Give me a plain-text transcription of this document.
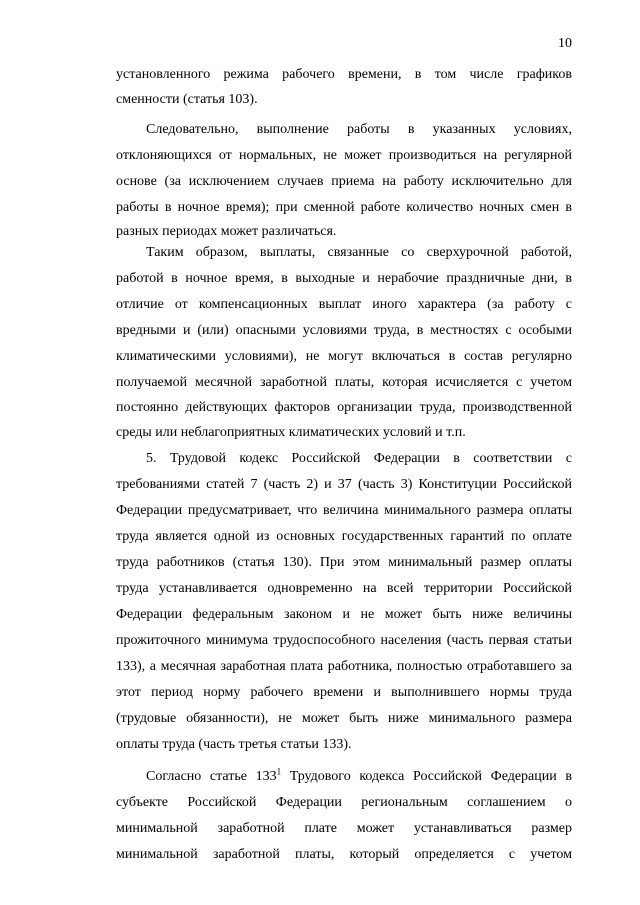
10
установленного режима рабочего времени, в том числе графиков
сменности (статья 103).
Следовательно, выполнение работы в указанных условиях,
отклоняющихся от нормальных, не может производиться на регулярной
основе (за исключением случаев приема на работу исключительно для
работы в ночное время); при сменной работе количество ночных смен в
разных периодах может различаться.
Таким образом, выплаты, связанные со сверхурочной работой,
работой в ночное время, в выходные и нерабочие праздничные дни, в
отличие от компенсационных выплат иного характера (за работу с
вредными и (или) опасными условиями труда, в местностях с особыми
климатическими условиями), не могут включаться в состав регулярно
получаемой месячной заработной платы, которая исчисляется с учетом
постоянно действующих факторов организации труда, производственной
среды или неблагоприятных климатических условий и т.п.
5. Трудовой кодекс Российской Федерации в соответствии с
требованиями статей 7 (часть 2) и 37 (часть 3) Конституции Российской
Федерации предусматривает, что величина минимального размера оплаты
труда является одной из основных государственных гарантий по оплате
труда работников (статья 130). При этом минимальный размер оплаты
труда устанавливается одновременно на всей территории Российской
Федерации федеральным законом и не может быть ниже величины
прожиточного минимума трудоспособного населения (часть первая статьи
133), а месячная заработная плата работника, полностью отработавшего за
этот период норму рабочего времени и выполнившего нормы труда
(трудовые обязанности), не может быть ниже минимального размера
оплаты труда (часть третья статьи 133).
Согласно статье $133^1$ Трудового кодекса Российской Федерации в
субъекте Российской Федерации региональным соглашением о
минимальной заработной плате может устанавливаться размер
минимальной заработной платы, который определяется с учетом
